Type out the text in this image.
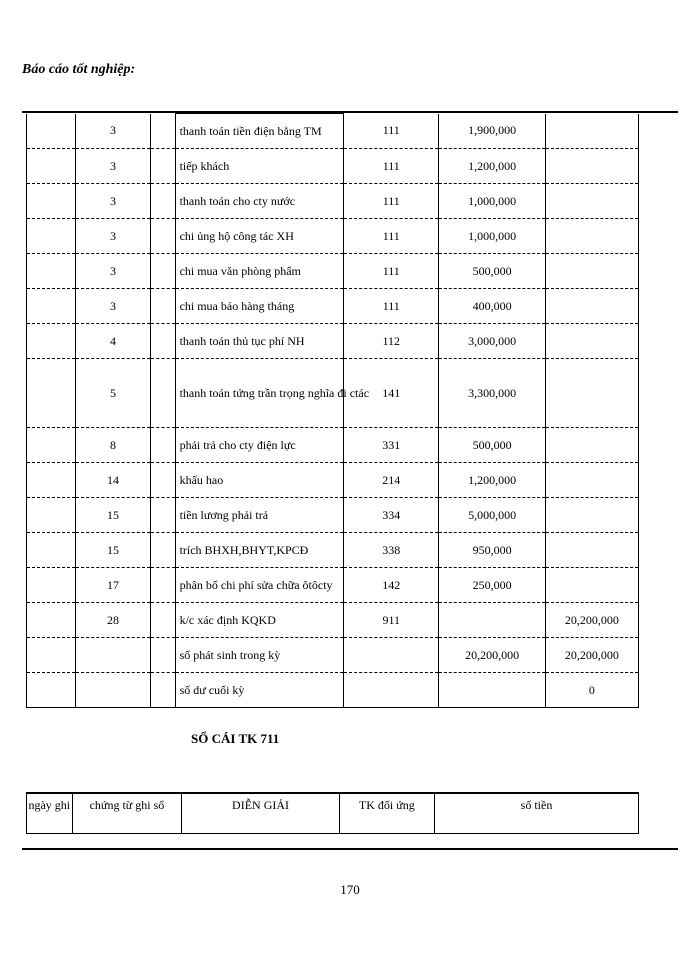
Báo cáo tốt nghiệp:
	3		thanh toán tiền điện bằng TM	111	1,900,000	
	3		tiếp khách	111	1,200,000	
	3		thanh toán cho cty nước	111	1,000,000	
	3		chi ủng hộ công tác XH	111	1,000,000	
	3		chi mua văn phòng phẩm	111	500,000	
	3		chi mua báo hàng tháng	111	400,000	
	4		thanh toán thủ tục phí NH	112	3,000,000	
	5		thanh toán tứng trần trọng nghĩa đi ctác	141	3,300,000	
	8		phải trả cho cty điện lực	331	500,000	
	14		khấu hao	214	1,200,000	
	15		tiền lương phải trả	334	5,000,000	
	15		trích BHXH,BHYT,KPCĐ	338	950,000	
	17		phân bổ chi phí sửa chữa ôtôcty	142	250,000	
	28		k/c xác định KQKD	911		20,200,000
			số phát sinh trong kỳ		20,200,000	20,200,000
			số dư cuối kỳ			0
SỔ CÁI TK 711
ngày ghi	chứng từ ghi sổ	DIỄN GIẢI	TK đối ứng	số tiền
170
